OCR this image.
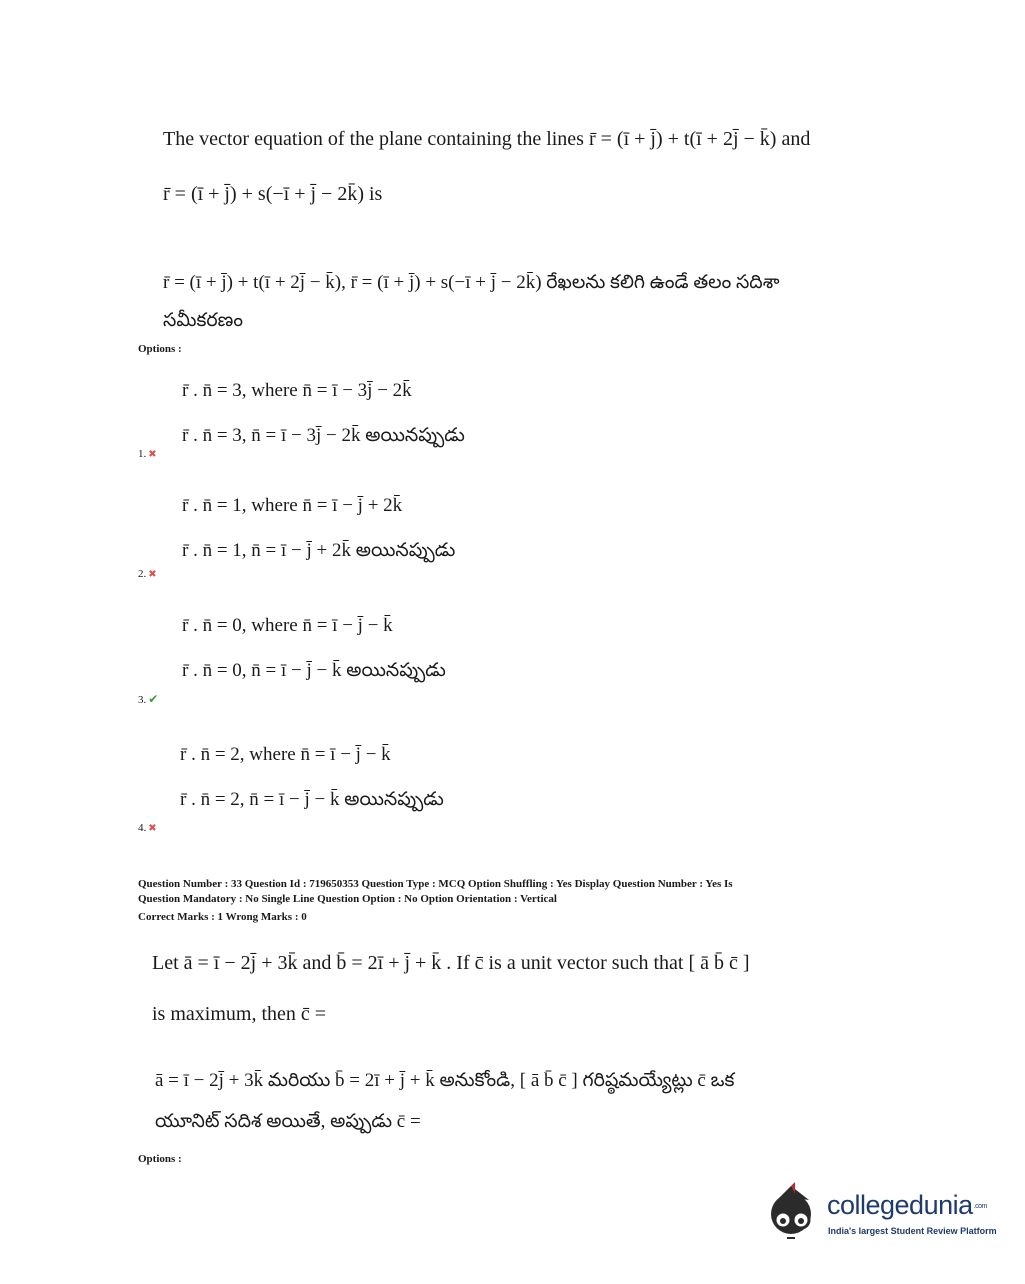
The vector equation of the plane containing the lines r̄ = (ī + j̄) + t(ī + 2j̄ − k̄) and
r̄ = (ī + j̄) + s(−ī + j̄ − 2k̄) is
r̄ = (ī + j̄) + t(ī + 2j̄ − k̄), r̄ = (ī + j̄) + s(−ī + j̄ − 2k̄) రేఖలను కలిగి ఉండే తలం సదిశా
సమీకరణం
Options :
r̄ . n̄ = 3, where n̄ = ī − 3j̄ − 2k̄
r̄ . n̄ = 3, n̄ = ī − 3j̄ − 2k̄ అయినప్పుడు
1. ✖
r̄ . n̄ = 1, where n̄ = ī − j̄ + 2k̄
r̄ . n̄ = 1, n̄ = ī − j̄ + 2k̄ అయినప్పుడు
2. ✖
r̄ . n̄ = 0, where n̄ = ī − j̄ − k̄
r̄ . n̄ = 0, n̄ = ī − j̄ − k̄ అయినప్పుడు
3. ✔
r̄ . n̄ = 2, where n̄ = ī − j̄ − k̄
r̄ . n̄ = 2, n̄ = ī − j̄ − k̄ అయినప్పుడు
4. ✖
Question Number : 33 Question Id : 719650353 Question Type : MCQ Option Shuffling : Yes Display Question Number : Yes Is
Question Mandatory : No Single Line Question Option : No Option Orientation : Vertical
Correct Marks : 1 Wrong Marks : 0
Let ā = ī − 2j̄ + 3k̄ and b̄ = 2ī + j̄ + k̄ . If c̄ is a unit vector such that [ ā b̄ c̄ ]
is maximum, then c̄ =
ā = ī − 2j̄ + 3k̄ మరియు b̄ = 2ī + j̄ + k̄ అనుకోండి, [ ā b̄ c̄ ] గరిష్ఠమయ్యేట్లు c̄ ఒక
యూనిట్ సదిశ అయితే, అప్పుడు c̄ =
Options :
collegedunia.com
India's largest Student Review Platform
